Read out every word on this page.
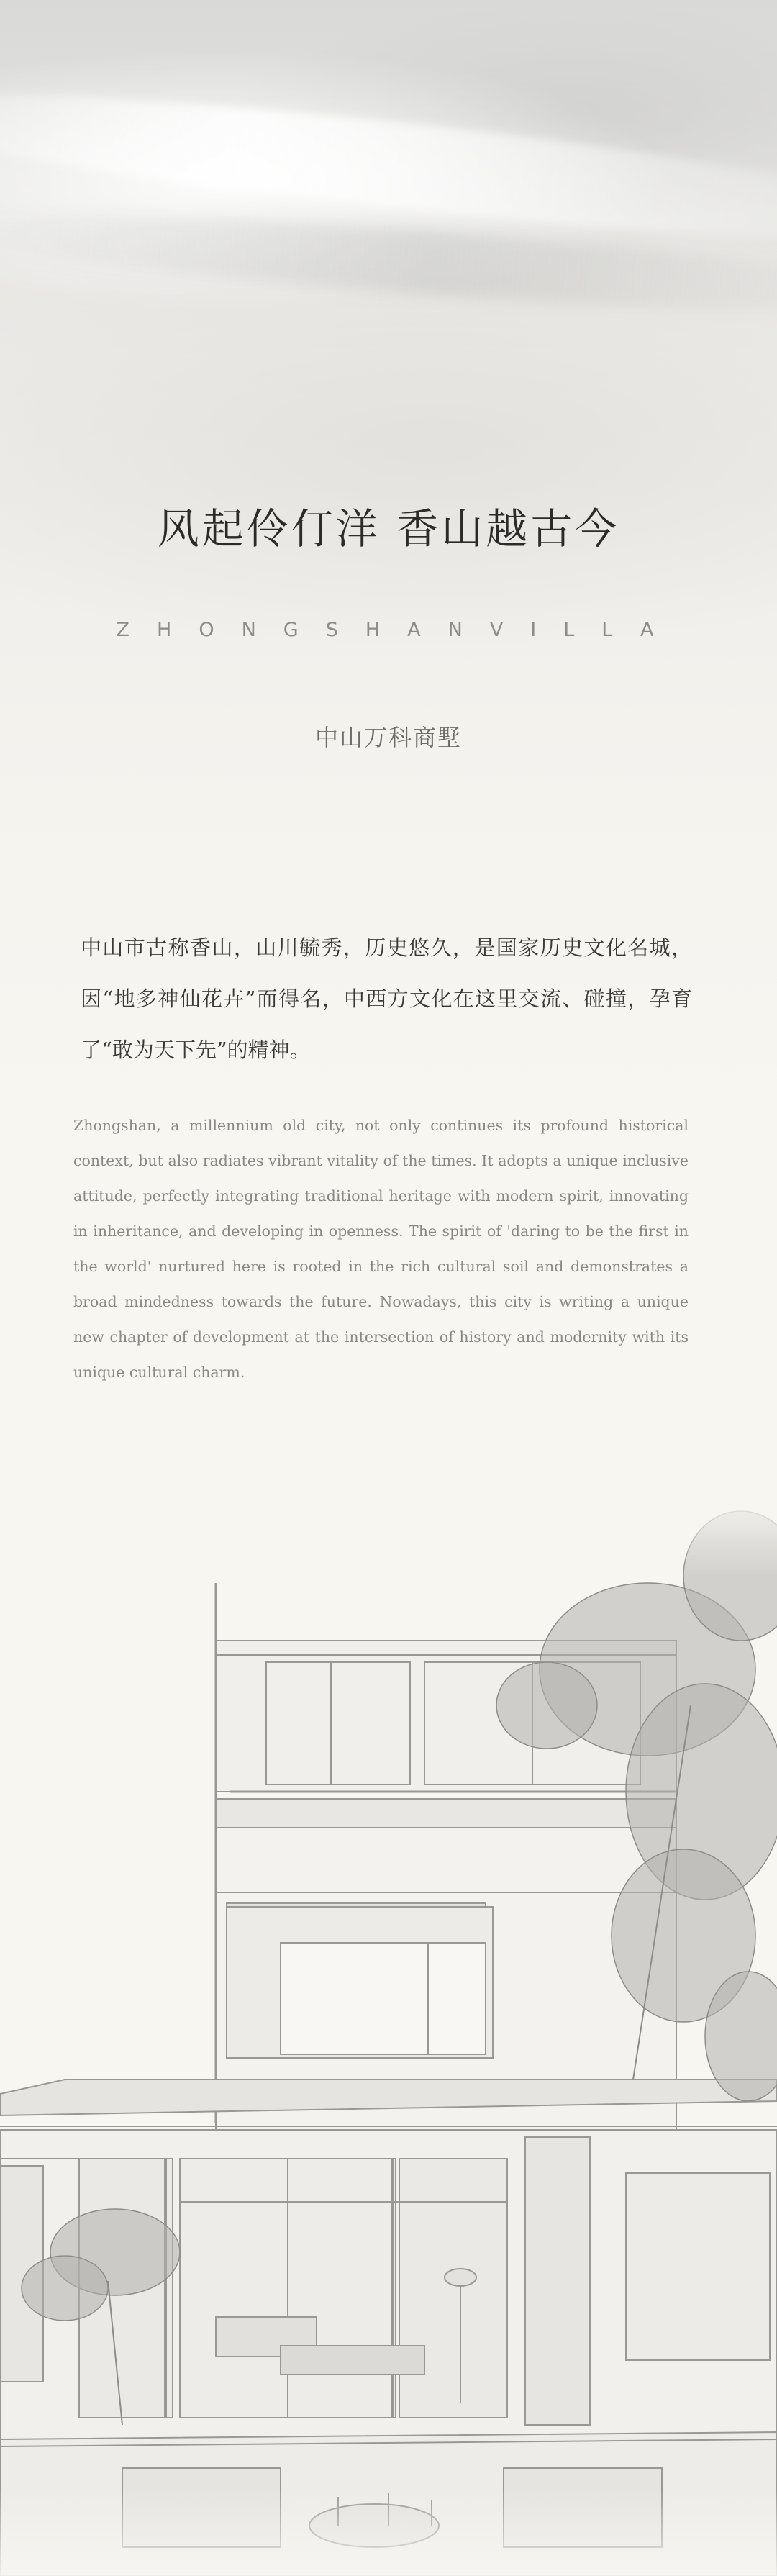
风起伶仃洋 香山越古今
ZHONGSHANVILLA
中山万科商墅
中山市古称香山，山川毓秀，历史悠久，是国家历史文化名城，因“地多神仙花卉”而得名，中西方文化在这里交流、碰撞，孕育了“敢为天下先”的精神。
Zhongshan, a millennium old city, not only continues its profound historical context, but also radiates vibrant vitality of the times. It adopts a unique inclusive attitude, perfectly integrating traditional heritage with modern spirit, innovating in inheritance, and developing in openness. The spirit of 'daring to be the first in the world' nurtured here is rooted in the rich cultural soil and demonstrates a broad mindedness towards the future. Nowadays, this city is writing a unique new chapter of development at the intersection of history and modernity with its unique cultural charm.
